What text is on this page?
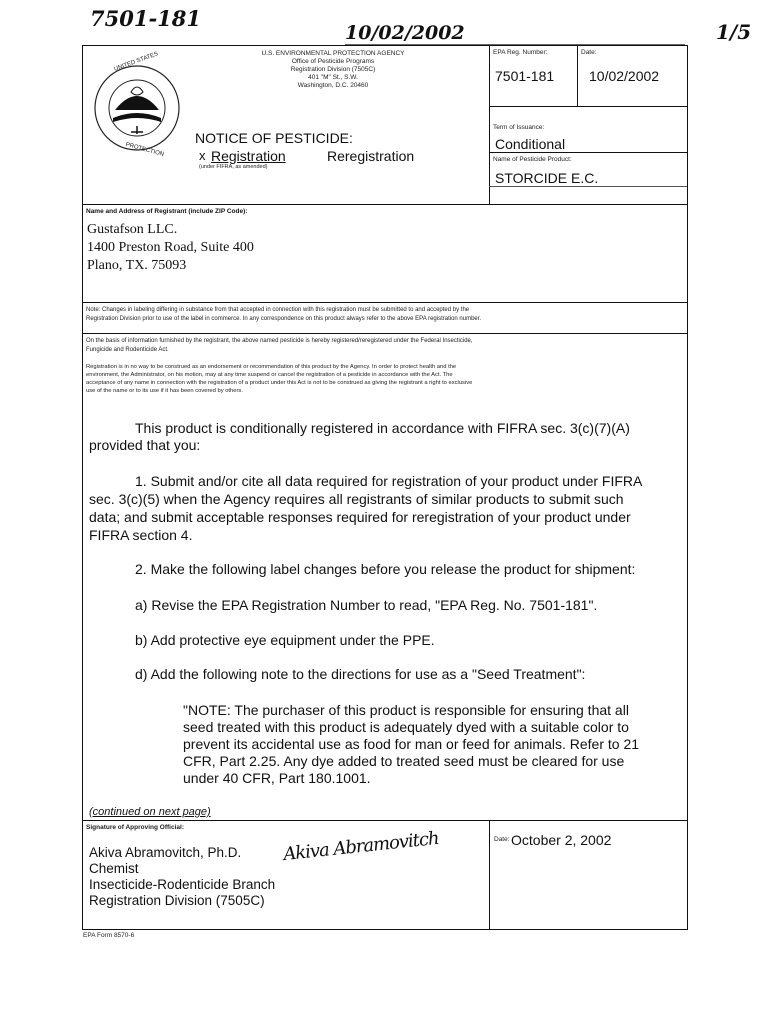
7501-181
10/02/2002	1/5
UNITED STATES
PROTECTION
U.S. ENVIRONMENTAL PROTECTION AGENCY
Office of Pesticide Programs
Registration Division (7505C)
401 "M" St., S.W.
Washington, D.C. 20460
NOTICE OF PESTICIDE:
x Registration	Reregistration
(under FIFRA, as amended)
EPA Reg. Number:
7501-181
Date:
10/02/2002
Term of Issuance:
Conditional
Name of Pesticide Product:
STORCIDE E.C.
Name and Address of Registrant (include ZIP Code):
Gustafson LLC.
1400 Preston Road, Suite 400
Plano, TX. 75093
Note: Changes in labeling differing in substance from that accepted in connection with this registration must be submitted to and accepted by the
Registration Division prior to use of the label in commerce. In any correspondence on this product always refer to the above EPA registration number.
On the basis of information furnished by the registrant, the above named pesticide is hereby registered/reregistered under the Federal Insecticide,
Fungicide and Rodenticide Act.
Registration is in no way to be construed as an endorsement or recommendation of this product by the Agency. In order to protect health and the
environment, the Administrator, on his motion, may at any time suspend or cancel the registration of a pesticide in accordance with the Act. The
acceptance of any name in connection with the registration of a product under this Act is not to be construed as giving the registrant a right to exclusive
use of the name or to its use if it has been covered by others.
This product is conditionally registered in accordance with FIFRA sec. 3(c)(7)(A)
provided that you:
1. Submit and/or cite all data required for registration of your product under FIFRA
sec. 3(c)(5) when the Agency requires all registrants of similar products to submit such
data; and submit acceptable responses required for reregistration of your product under
FIFRA section 4.
2. Make the following label changes before you release the product for shipment:
a) Revise the EPA Registration Number to read, "EPA Reg. No. 7501-181".
b) Add protective eye equipment under the PPE.
d) Add the following note to the directions for use as a "Seed Treatment":
"NOTE: The purchaser of this product is responsible for ensuring that all
seed treated with this product is adequately dyed with a suitable color to
prevent its accidental use as food for man or feed for animals. Refer to 21
CFR, Part 2.25. Any dye added to treated seed must be cleared for use
under 40 CFR, Part 180.1001.
(continued on next page)
Signature of Approving Official:
Akiva Abramovitch
Akiva Abramovitch, Ph.D.
Chemist
Insecticide-Rodenticide Branch
Registration Division (7505C)
Date: October 2, 2002
EPA Form 8570-6
